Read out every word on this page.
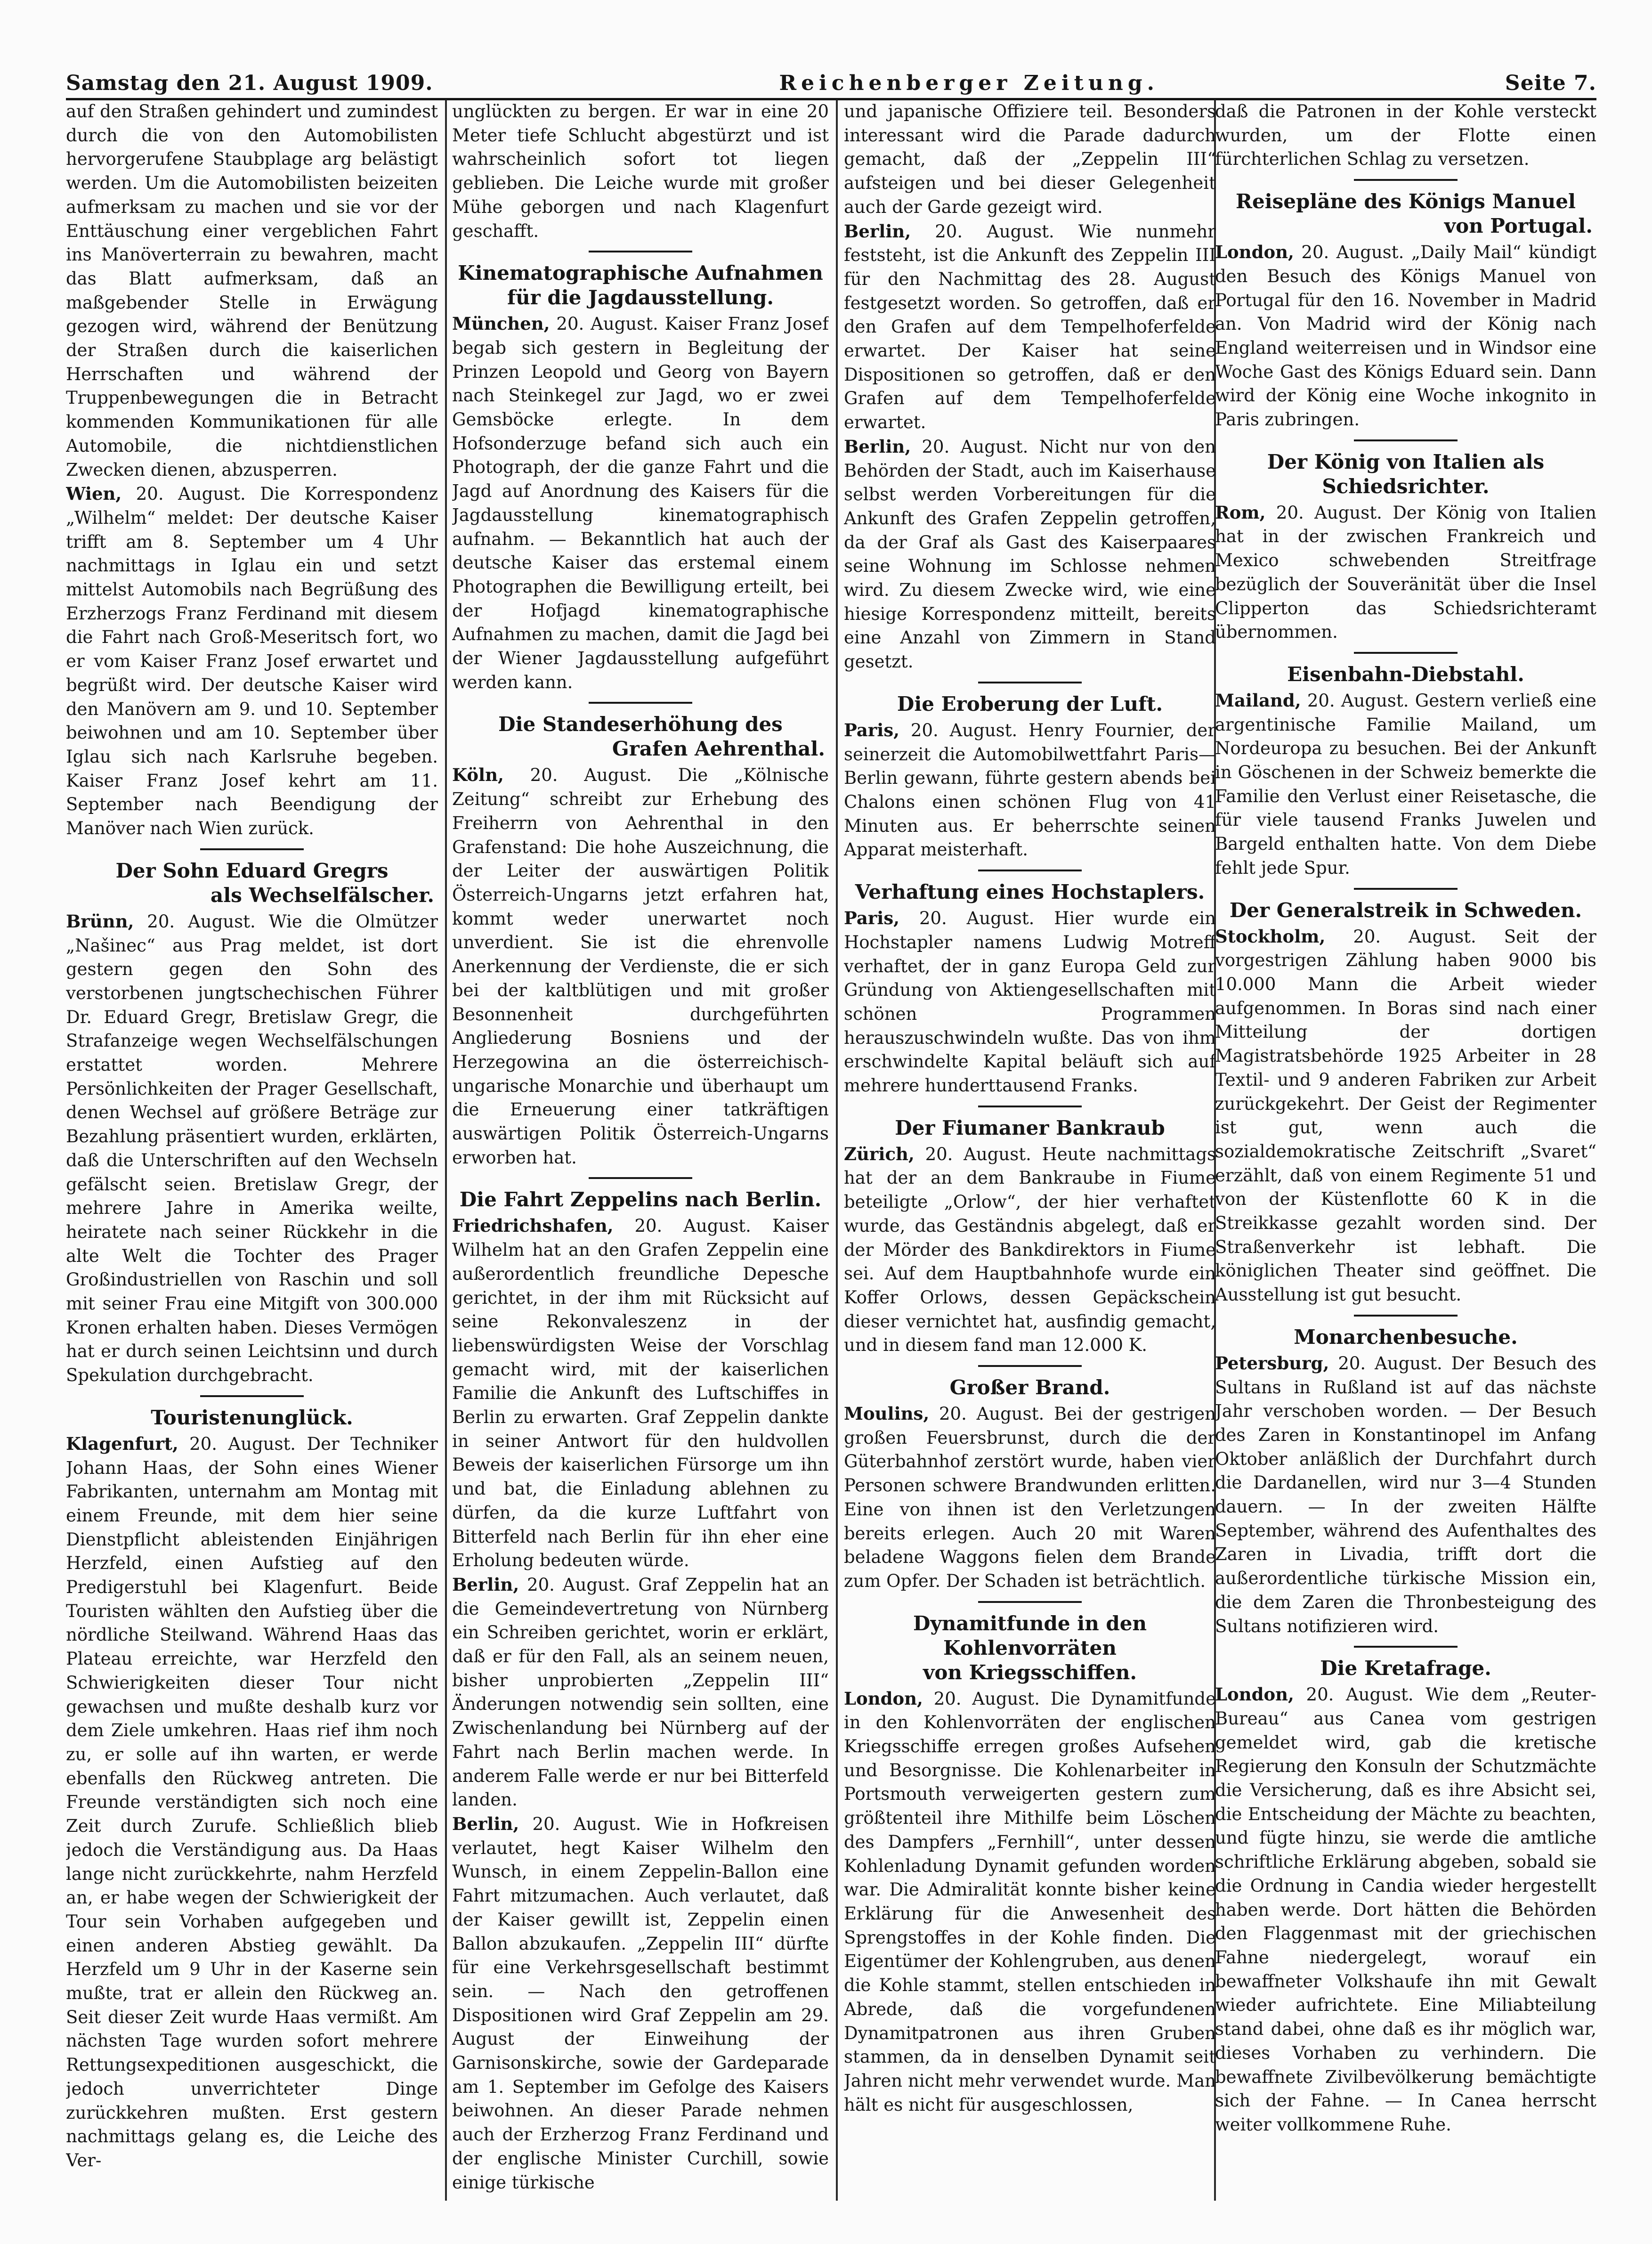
Samstag den 21. August 1909.	Reichenberger Zeitung.	Seite 7.

auf den Straßen gehindert und zumindest durch die von den Automobilisten hervorgerufene Staubplage arg belästigt werden. Um die Automobilisten beizeiten aufmerksam zu machen und sie vor der Enttäuschung einer vergeblichen Fahrt ins Manöverterrain zu bewahren, macht das Blatt aufmerksam, daß an maßgebender Stelle in Erwägung gezogen wird, während der Benützung der Straßen durch die kaiserlichen Herrschaften und während der Truppenbewegungen die in Betracht kommenden Kommunikationen für alle Automobile, die nichtdienstlichen Zwecken dienen, abzusperren.

Wien, 20. August. Die Korrespondenz „Wilhelm“ meldet: Der deutsche Kaiser trifft am 8. September um 4 Uhr nachmittags in Iglau ein und setzt mittelst Automobils nach Begrüßung des Erzherzogs Franz Ferdinand mit diesem die Fahrt nach Groß-Meseritsch fort, wo er vom Kaiser Franz Josef erwartet und begrüßt wird. Der deutsche Kaiser wird den Manövern am 9. und 10. September beiwohnen und am 10. September über Iglau sich nach Karlsruhe begeben. Kaiser Franz Josef kehrt am 11. September nach Beendigung der Manöver nach Wien zurück.

Der Sohn Eduard Gregrs
als Wechselfälscher.

Brünn, 20. August. Wie die Olmützer „Našinec“ aus Prag meldet, ist dort gestern gegen den Sohn des verstorbenen jungtschechischen Führer Dr. Eduard Gregr, Bretislaw Gregr, die Strafanzeige wegen Wechselfälschungen erstattet worden. Mehrere Persönlichkeiten der Prager Gesellschaft, denen Wechsel auf größere Beträge zur Bezahlung präsentiert wurden, erklärten, daß die Unterschriften auf den Wechseln gefälscht seien. Bretislaw Gregr, der mehrere Jahre in Amerika weilte, heiratete nach seiner Rückkehr in die alte Welt die Tochter des Prager Großindustriellen von Raschin und soll mit seiner Frau eine Mitgift von 300.000 Kronen erhalten haben. Dieses Vermögen hat er durch seinen Leichtsinn und durch Spekulation durchgebracht.

Touristenunglück.

Klagenfurt, 20. August. Der Techniker Johann Haas, der Sohn eines Wiener Fabrikanten, unternahm am Montag mit einem Freunde, mit dem hier seine Dienstpflicht ableistenden Einjährigen Herzfeld, einen Aufstieg auf den Predigerstuhl bei Klagenfurt. Beide Touristen wählten den Aufstieg über die nördliche Steilwand. Während Haas das Plateau erreichte, war Herzfeld den Schwierigkeiten dieser Tour nicht gewachsen und mußte deshalb kurz vor dem Ziele umkehren. Haas rief ihm noch zu, er solle auf ihn warten, er werde ebenfalls den Rückweg antreten. Die Freunde verständigten sich noch eine Zeit durch Zurufe. Schließlich blieb jedoch die Verständigung aus. Da Haas lange nicht zurückkehrte, nahm Herzfeld an, er habe wegen der Schwierigkeit der Tour sein Vorhaben aufgegeben und einen anderen Abstieg gewählt. Da Herzfeld um 9 Uhr in der Kaserne sein mußte, trat er allein den Rückweg an. Seit dieser Zeit wurde Haas vermißt. Am nächsten Tage wurden sofort mehrere Rettungsexpeditionen ausgeschickt, die jedoch unverrichteter Dinge zurückkehren mußten. Erst gestern nachmittags gelang es, die Leiche des Ver-

unglückten zu bergen. Er war in eine 20 Meter tiefe Schlucht abgestürzt und ist wahrscheinlich sofort tot liegen geblieben. Die Leiche wurde mit großer Mühe geborgen und nach Klagenfurt geschafft.

Kinematographische Aufnahmen
für die Jagdausstellung.

München, 20. August. Kaiser Franz Josef begab sich gestern in Begleitung der Prinzen Leopold und Georg von Bayern nach Steinkegel zur Jagd, wo er zwei Gemsböcke erlegte. In dem Hofsonderzuge befand sich auch ein Photograph, der die ganze Fahrt und die Jagd auf Anordnung des Kaisers für die Jagdausstellung kinematographisch aufnahm. — Bekanntlich hat auch der deutsche Kaiser das erstemal einem Photographen die Bewilligung erteilt, bei der Hofjagd kinematographische Aufnahmen zu machen, damit die Jagd bei der Wiener Jagdausstellung aufgeführt werden kann.

Die Standeserhöhung des
Grafen Aehrenthal.

Köln, 20. August. Die „Kölnische Zeitung“ schreibt zur Erhebung des Freiherrn von Aehrenthal in den Grafenstand: Die hohe Auszeichnung, die der Leiter der auswärtigen Politik Österreich-Ungarns jetzt erfahren hat, kommt weder unerwartet noch unverdient. Sie ist die ehrenvolle Anerkennung der Verdienste, die er sich bei der kaltblütigen und mit großer Besonnenheit durchgeführten Angliederung Bosniens und der Herzegowina an die österreichisch-ungarische Monarchie und überhaupt um die Erneuerung einer tatkräftigen auswärtigen Politik Österreich-Ungarns erworben hat.

Die Fahrt Zeppelins nach Berlin.

Friedrichshafen, 20. August. Kaiser Wilhelm hat an den Grafen Zeppelin eine außerordentlich freundliche Depesche gerichtet, in der ihm mit Rücksicht auf seine Rekonvaleszenz in der liebenswürdigsten Weise der Vorschlag gemacht wird, mit der kaiserlichen Familie die Ankunft des Luftschiffes in Berlin zu erwarten. Graf Zeppelin dankte in seiner Antwort für den huldvollen Beweis der kaiserlichen Fürsorge um ihn und bat, die Einladung ablehnen zu dürfen, da die kurze Luftfahrt von Bitterfeld nach Berlin für ihn eher eine Erholung bedeuten würde.

Berlin, 20. August. Graf Zeppelin hat an die Gemeindevertretung von Nürnberg ein Schreiben gerichtet, worin er erklärt, daß er für den Fall, als an seinem neuen, bisher unprobierten „Zeppelin III“ Änderungen notwendig sein sollten, eine Zwischenlandung bei Nürnberg auf der Fahrt nach Berlin machen werde. In anderem Falle werde er nur bei Bitterfeld landen.

Berlin, 20. August. Wie in Hofkreisen verlautet, hegt Kaiser Wilhelm den Wunsch, in einem Zeppelin-Ballon eine Fahrt mitzumachen. Auch verlautet, daß der Kaiser gewillt ist, Zeppelin einen Ballon abzukaufen. „Zeppelin III“ dürfte für eine Verkehrsgesellschaft bestimmt sein. — Nach den getroffenen Dispositionen wird Graf Zeppelin am 29. August der Einweihung der Garnisonskirche, sowie der Gardeparade am 1. September im Gefolge des Kaisers beiwohnen. An dieser Parade nehmen auch der Erzherzog Franz Ferdinand und der englische Minister Curchill, sowie einige türkische

und japanische Offiziere teil. Besonders interessant wird die Parade dadurch gemacht, daß der „Zeppelin III“ aufsteigen und bei dieser Gelegenheit auch der Garde gezeigt wird.

Berlin, 20. August. Wie nunmehr feststeht, ist die Ankunft des Zeppelin III für den Nachmittag des 28. August festgesetzt worden. So getroffen, daß er den Grafen auf dem Tempelhoferfelde erwartet. Der Kaiser hat seine Dispositionen so getroffen, daß er den Grafen auf dem Tempelhoferfelde erwartet.

Berlin, 20. August. Nicht nur von den Behörden der Stadt, auch im Kaiserhause selbst werden Vorbereitungen für die Ankunft des Grafen Zeppelin getroffen, da der Graf als Gast des Kaiserpaares seine Wohnung im Schlosse nehmen wird. Zu diesem Zwecke wird, wie eine hiesige Korrespondenz mitteilt, bereits eine Anzahl von Zimmern in Stand gesetzt.

Die Eroberung der Luft.

Paris, 20. August. Henry Fournier, der seinerzeit die Automobilwettfahrt Paris—Berlin gewann, führte gestern abends bei Chalons einen schönen Flug von 41 Minuten aus. Er beherrschte seinen Apparat meisterhaft.

Verhaftung eines Hochstaplers.

Paris, 20. August. Hier wurde ein Hochstapler namens Ludwig Motreff verhaftet, der in ganz Europa Geld zur Gründung von Aktiengesellschaften mit schönen Programmen herauszuschwindeln wußte. Das von ihm erschwindelte Kapital beläuft sich auf mehrere hunderttausend Franks.

Der Fiumaner Bankraub

Zürich, 20. August. Heute nachmittags hat der an dem Bankraube in Fiume beteiligte „Orlow“, der hier verhaftet wurde, das Geständnis abgelegt, daß er der Mörder des Bankdirektors in Fiume sei. Auf dem Hauptbahnhofe wurde ein Koffer Orlows, dessen Gepäckschein dieser vernichtet hat, ausfindig gemacht, und in diesem fand man 12.000 K.

Großer Brand.

Moulins, 20. August. Bei der gestrigen großen Feuersbrunst, durch die der Güterbahnhof zerstört wurde, haben vier Personen schwere Brandwunden erlitten. Eine von ihnen ist den Verletzungen bereits erlegen. Auch 20 mit Waren beladene Waggons fielen dem Brande zum Opfer. Der Schaden ist beträchtlich.

Dynamitfunde in den Kohlenvorräten
von Kriegsschiffen.

London, 20. August. Die Dynamitfunde in den Kohlenvorräten der englischen Kriegsschiffe erregen großes Aufsehen und Besorgnisse. Die Kohlenarbeiter in Portsmouth verweigerten gestern zum größtenteil ihre Mithilfe beim Löschen des Dampfers „Fernhill“, unter dessen Kohlenladung Dynamit gefunden worden war. Die Admiralität konnte bisher keine Erklärung für die Anwesenheit des Sprengstoffes in der Kohle finden. Die Eigentümer der Kohlengruben, aus denen die Kohle stammt, stellen entschieden in Abrede, daß die vorgefundenen Dynamitpatronen aus ihren Gruben stammen, da in denselben Dynamit seit Jahren nicht mehr verwendet wurde. Man hält es nicht für ausgeschlossen,

daß die Patronen in der Kohle versteckt wurden, um der Flotte einen fürchterlichen Schlag zu versetzen.

Reisepläne des Königs Manuel
von Portugal.

London, 20. August. „Daily Mail“ kündigt den Besuch des Königs Manuel von Portugal für den 16. November in Madrid an. Von Madrid wird der König nach England weiterreisen und in Windsor eine Woche Gast des Königs Eduard sein. Dann wird der König eine Woche inkognito in Paris zubringen.

Der König von Italien als Schiedsrichter.

Rom, 20. August. Der König von Italien hat in der zwischen Frankreich und Mexico schwebenden Streitfrage bezüglich der Souveränität über die Insel Clipperton das Schiedsrichteramt übernommen.

Eisenbahn-Diebstahl.

Mailand, 20. August. Gestern verließ eine argentinische Familie Mailand, um Nordeuropa zu besuchen. Bei der Ankunft in Göschenen in der Schweiz bemerkte die Familie den Verlust einer Reisetasche, die für viele tausend Franks Juwelen und Bargeld enthalten hatte. Von dem Diebe fehlt jede Spur.

Der Generalstreik in Schweden.

Stockholm, 20. August. Seit der vorgestrigen Zählung haben 9000 bis 10.000 Mann die Arbeit wieder aufgenommen. In Boras sind nach einer Mitteilung der dortigen Magistratsbehörde 1925 Arbeiter in 28 Textil- und 9 anderen Fabriken zur Arbeit zurückgekehrt. Der Geist der Regimenter ist gut, wenn auch die sozialdemokratische Zeitschrift „Svaret“ erzählt, daß von einem Regimente 51 und von der Küstenflotte 60 K in die Streikkasse gezahlt worden sind. Der Straßenverkehr ist lebhaft. Die königlichen Theater sind geöffnet. Die Ausstellung ist gut besucht.

Monarchenbesuche.

Petersburg, 20. August. Der Besuch des Sultans in Rußland ist auf das nächste Jahr verschoben worden. — Der Besuch des Zaren in Konstantinopel im Anfang Oktober anläßlich der Durchfahrt durch die Dardanellen, wird nur 3—4 Stunden dauern. — In der zweiten Hälfte September, während des Aufenthaltes des Zaren in Livadia, trifft dort die außerordentliche türkische Mission ein, die dem Zaren die Thronbesteigung des Sultans notifizieren wird.

Die Kretafrage.

London, 20. August. Wie dem „Reuter-Bureau“ aus Canea vom gestrigen gemeldet wird, gab die kretische Regierung den Konsuln der Schutzmächte die Versicherung, daß es ihre Absicht sei, die Entscheidung der Mächte zu beachten, und fügte hinzu, sie werde die amtliche schriftliche Erklärung abgeben, sobald sie die Ordnung in Candia wieder hergestellt haben werde. Dort hätten die Behörden den Flaggenmast mit der griechischen Fahne niedergelegt, worauf ein bewaffneter Volkshaufe ihn mit Gewalt wieder aufrichtete. Eine Miliabteilung stand dabei, ohne daß es ihr möglich war, dieses Vorhaben zu verhindern. Die bewaffnete Zivilbevölkerung bemächtigte sich der Fahne. — In Canea herrscht weiter vollkommene Ruhe.
